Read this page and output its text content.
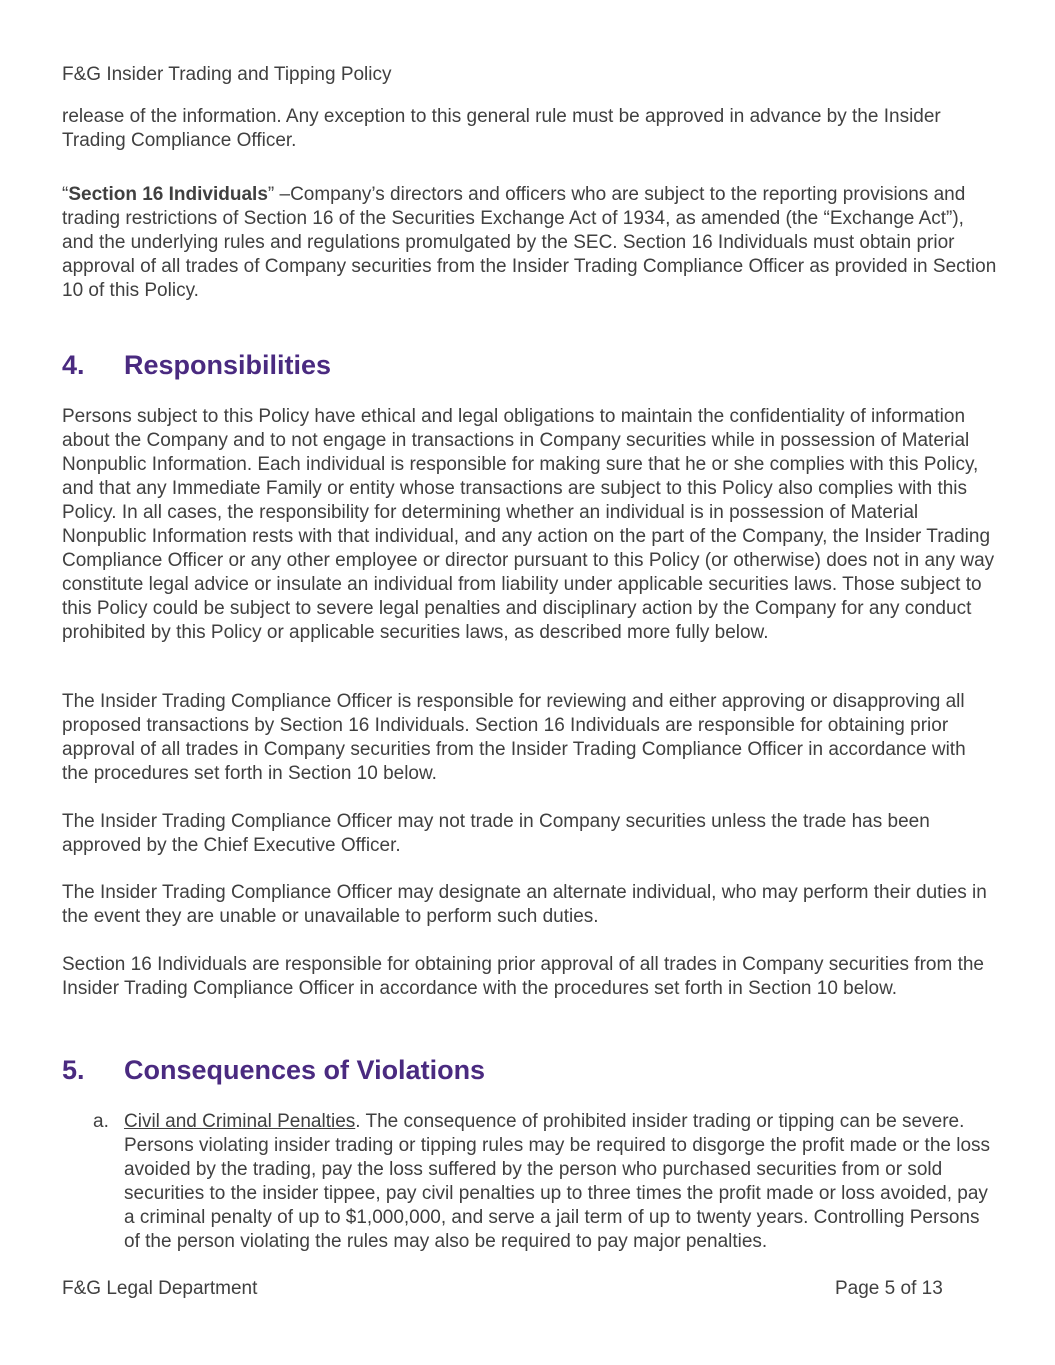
F&G Insider Trading and Tipping Policy

release of the information. Any exception to this general rule must be approved in advance by the Insider Trading Compliance Officer.

“Section 16 Individuals” –Company’s directors and officers who are subject to the reporting provisions and trading restrictions of Section 16 of the Securities Exchange Act of 1934, as amended (the “Exchange Act”), and the underlying rules and regulations promulgated by the SEC. Section 16 Individuals must obtain prior approval of all trades of Company securities from the Insider Trading Compliance Officer as provided in Section 10 of this Policy.

4. Responsibilities

Persons subject to this Policy have ethical and legal obligations to maintain the confidentiality of information about the Company and to not engage in transactions in Company securities while in possession of Material Nonpublic Information. Each individual is responsible for making sure that he or she complies with this Policy, and that any Immediate Family or entity whose transactions are subject to this Policy also complies with this Policy. In all cases, the responsibility for determining whether an individual is in possession of Material Nonpublic Information rests with that individual, and any action on the part of the Company, the Insider Trading Compliance Officer or any other employee or director pursuant to this Policy (or otherwise) does not in any way constitute legal advice or insulate an individual from liability under applicable securities laws. Those subject to this Policy could be subject to severe legal penalties and disciplinary action by the Company for any conduct prohibited by this Policy or applicable securities laws, as described more fully below.

The Insider Trading Compliance Officer is responsible for reviewing and either approving or disapproving all proposed transactions by Section 16 Individuals. Section 16 Individuals are responsible for obtaining prior approval of all trades in Company securities from the Insider Trading Compliance Officer in accordance with the procedures set forth in Section 10 below.

The Insider Trading Compliance Officer may not trade in Company securities unless the trade has been approved by the Chief Executive Officer.

The Insider Trading Compliance Officer may designate an alternate individual, who may perform their duties in the event they are unable or unavailable to perform such duties.

Section 16 Individuals are responsible for obtaining prior approval of all trades in Company securities from the Insider Trading Compliance Officer in accordance with the procedures set forth in Section 10 below.

5. Consequences of Violations
a. Civil and Criminal Penalties. The consequence of prohibited insider trading or tipping can be severe. Persons violating insider trading or tipping rules may be required to disgorge the profit made or the loss avoided by the trading, pay the loss suffered by the person who purchased securities from or sold securities to the insider tippee, pay civil penalties up to three times the profit made or loss avoided, pay a criminal penalty of up to $1,000,000, and serve a jail term of up to twenty years. Controlling Persons of the person violating the rules may also be required to pay major penalties.
F&G Legal Department	Page 5 of 13
